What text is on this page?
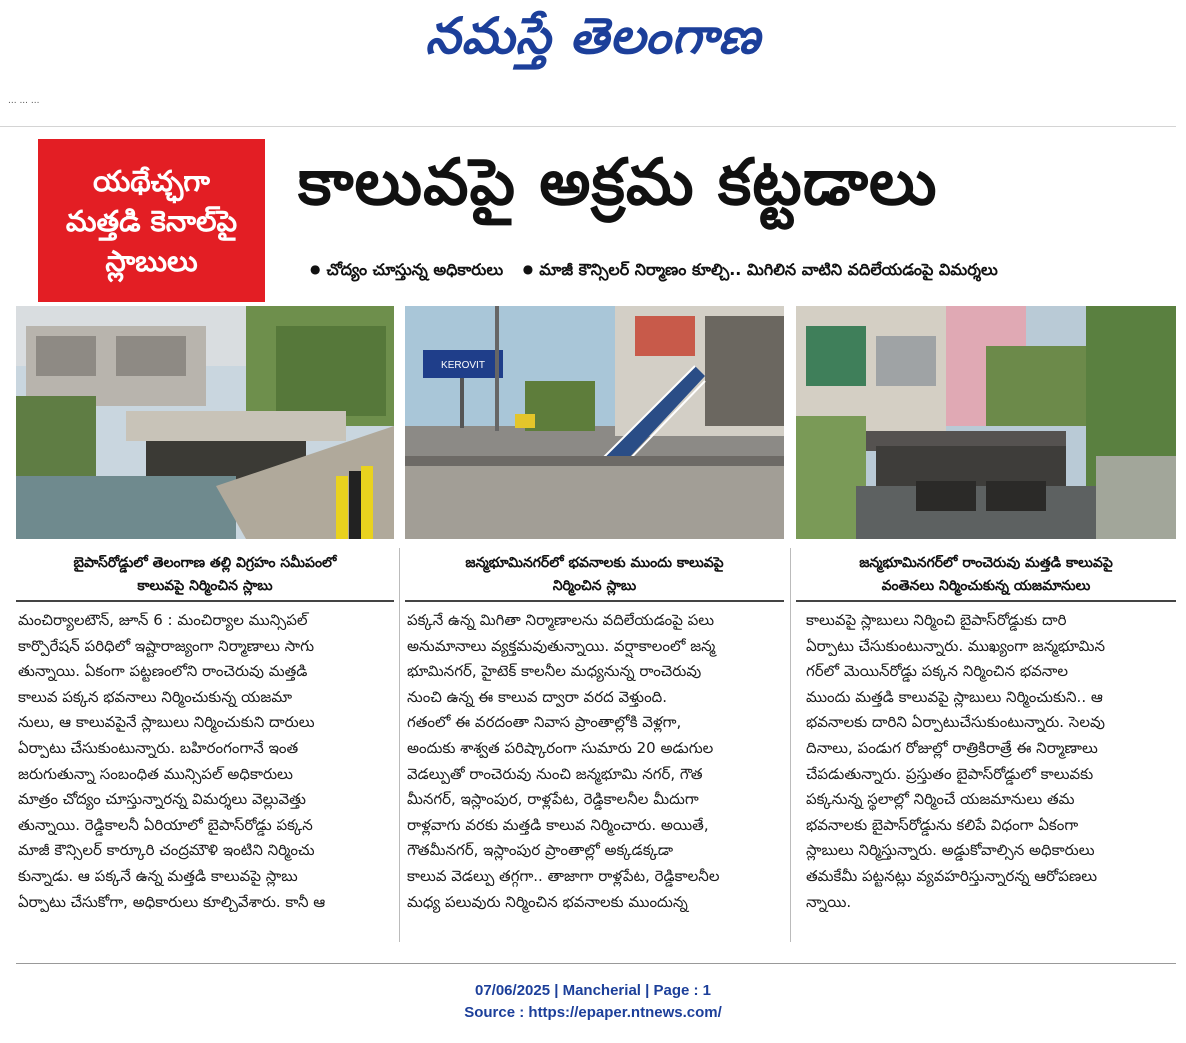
నమస్తే తెలంగాణ
... ... ...
యథేచ్ఛగా
మత్తడి కెనాల్‌పై
స్లాబులు
కాలువపై అక్రమ కట్టడాలు
● చోద్యం చూస్తున్న అధికారులు ● మాజీ కౌన్సిలర్‌ నిర్మాణం కూల్చి.. మిగిలిన వాటిని వదిలేయడంపై విమర్శలు
KEROVIT
బైపాస్‌రోడ్డులో తెలంగాణ తల్లి విగ్రహం సమీపంలో
కాలువపై నిర్మించిన స్లాబు
జన్మభూమినగర్‌లో భవనాలకు ముందు కాలువపై
నిర్మించిన స్లాబు
జన్మభూమినగర్‌లో రాంచెరువు మత్తడి కాలువపై
వంతెనలు నిర్మించుకున్న యజమానులు
మంచిర్యాలటౌన్‌, జూన్‌ 6 : మంచిర్యాల మున్సిపల్‌
కార్పొరేషన్‌ పరిధిలో ఇష్టారాజ్యంగా నిర్మాణాలు సాగు
తున్నాయి. ఏకంగా పట్టణంలోని రాంచెరువు మత్తడి
కాలువ పక్కన భవనాలు నిర్మించుకున్న యజమా
నులు, ఆ కాలువపైనే స్లాబులు నిర్మించుకుని దారులు
ఏర్పాటు చేసుకుంటున్నారు. బహిరంగంగానే ఇంత
జరుగుతున్నా సంబంధిత మున్సిపల్‌ అధికారులు
మాత్రం చోద్యం చూస్తున్నారన్న విమర్శలు వెల్లువెత్తు
తున్నాయి. రెడ్డికాలనీ ఏరియాలో బైపాస్‌రోడ్డు పక్కన
మాజీ కౌన్సిలర్‌ కార్కూరి చంద్రమౌళి ఇంటిని నిర్మించు
కున్నాడు. ఆ పక్కనే ఉన్న మత్తడి కాలువపై స్లాబు
ఏర్పాటు చేసుకోగా, అధికారులు కూల్చివేశారు. కానీ ఆ
పక్కనే ఉన్న మిగితా నిర్మాణాలను వదిలేయడంపై పలు
అనుమానాలు వ్యక్తమవుతున్నాయి. వర్షాకాలంలో జన్మ
భూమినగర్‌, హైటెక్‌ కాలనీల మధ్యనున్న రాంచెరువు
నుంచి ఉన్న ఈ కాలువ ద్వారా వరద వెళ్తుంది.
గతంలో ఈ వరదంతా నివాస ప్రాంతాల్లోకి వెళ్లగా,
అందుకు శాశ్వత పరిష్కారంగా సుమారు 20 అడుగుల
వెడల్పుతో రాంచెరువు నుంచి జన్మభూమి నగర్‌, గౌత
మీనగర్‌, ఇస్లాంపుర, రాళ్లపేట, రెడ్డికాలనీల మీదుగా
రాళ్లవాగు వరకు మత్తడి కాలువ నిర్మించారు. అయితే,
గౌతమీనగర్‌, ఇస్లాంపుర ప్రాంతాల్లో అక్కడక్కడా
కాలువ వెడల్పు తగ్గగా.. తాజాగా రాళ్లపేట, రెడ్డికాలనీల
మధ్య పలువురు నిర్మించిన భవనాలకు ముందున్న
కాలువపై స్లాబులు నిర్మించి బైపాస్‌రోడ్డుకు దారి
ఏర్పాటు చేసుకుంటున్నారు. ముఖ్యంగా జన్మభూమిన
గర్‌లో మెయిన్‌రోడ్డు పక్కన నిర్మించిన భవనాల
ముందు మత్తడి కాలువపై స్లాబులు నిర్మించుకుని.. ఆ
భవనాలకు దారిని ఏర్పాటుచేసుకుంటున్నారు. సెలవు
దినాలు, పండుగ రోజుల్లో రాత్రికిరాత్రే ఈ నిర్మాణాలు
చేపడుతున్నారు. ప్రస్తుతం బైపాస్‌రోడ్డులో కాలువకు
పక్కనున్న స్థలాల్లో నిర్మించే యజమానులు తమ
భవనాలకు బైపాస్‌రోడ్డును కలిపే విధంగా ఏకంగా
స్లాబులు నిర్మిస్తున్నారు. అడ్డుకోవాల్సిన అధికారులు
తమకేమీ పట్టనట్లు వ్యవహరిస్తున్నారన్న ఆరోపణలు
న్నాయి.
07/06/2025 | Mancherial | Page : 1
Source : https://epaper.ntnews.com/
